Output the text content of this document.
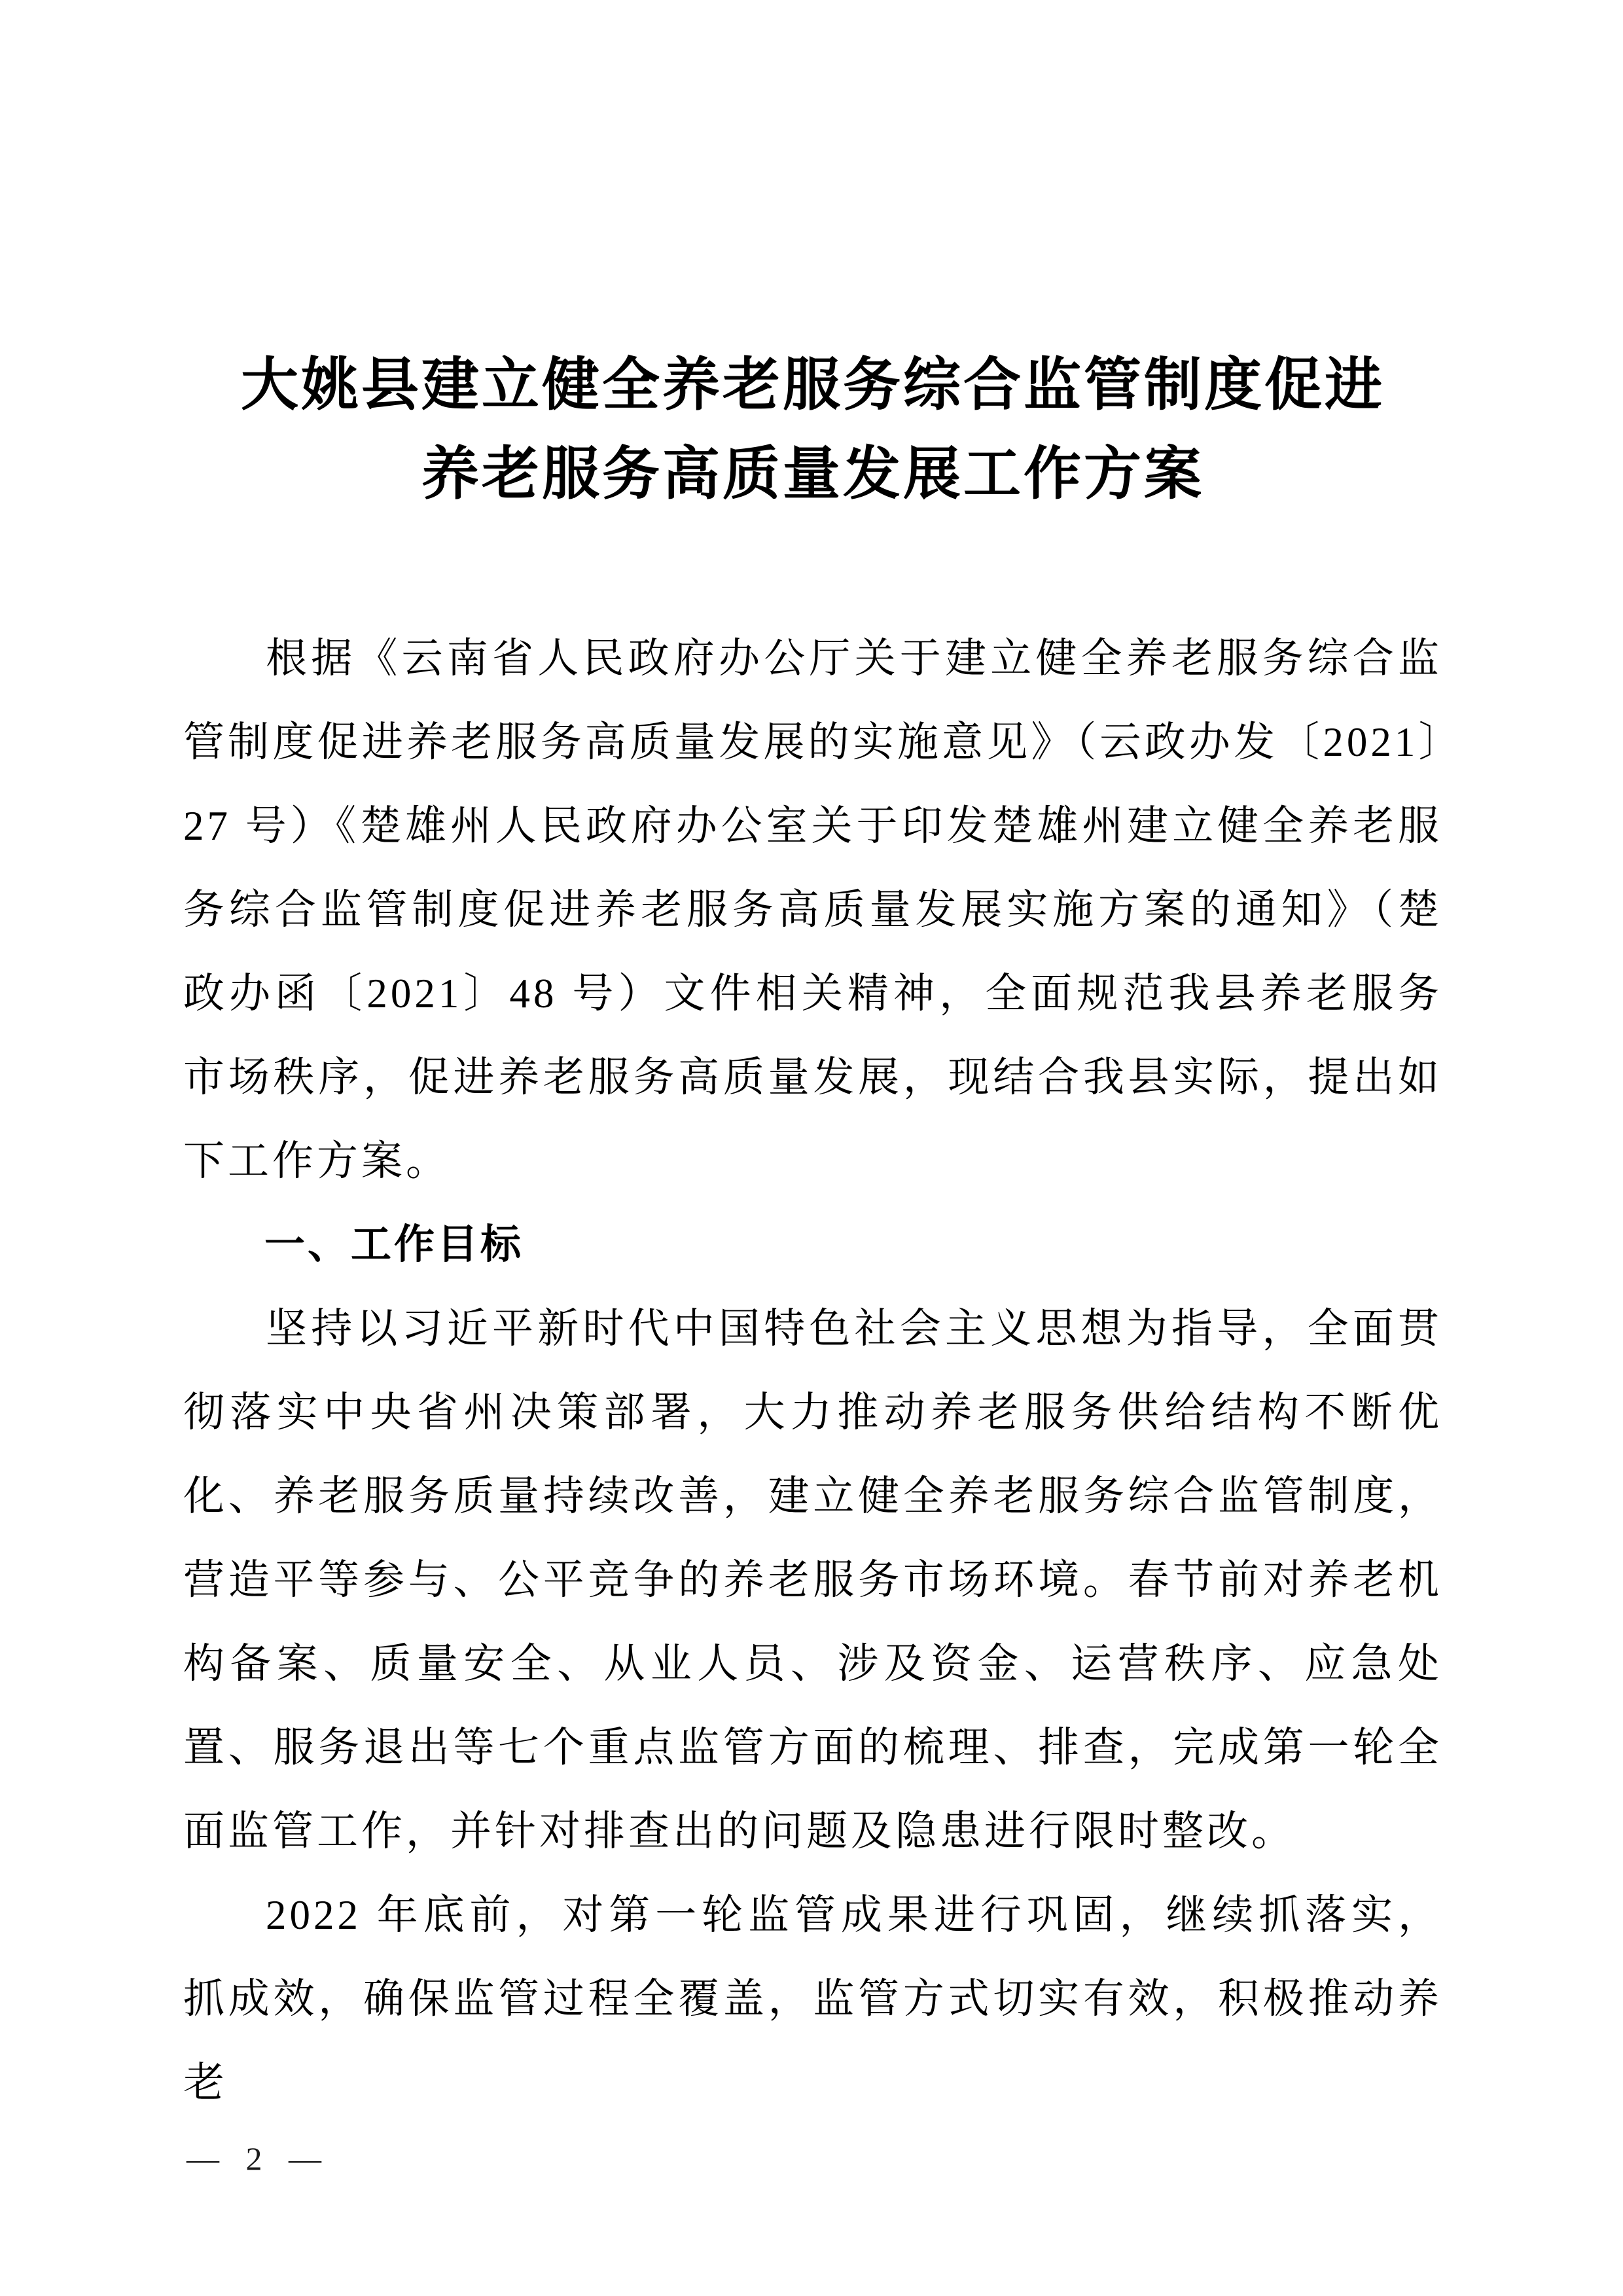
大姚县建立健全养老服务综合监管制度促进
养老服务高质量发展工作方案

根据《云南省人民政府办公厅关于建立健全养老服务综合监管制度促进养老服务高质量发展的实施意见》（云政办发〔2021〕27 号）《楚雄州人民政府办公室关于印发楚雄州建立健全养老服务综合监管制度促进养老服务高质量发展实施方案的通知》（楚政办函〔2021〕48 号）文件相关精神，全面规范我县养老服务市场秩序，促进养老服务高质量发展，现结合我县实际，提出如下工作方案。

一、工作目标

坚持以习近平新时代中国特色社会主义思想为指导，全面贯彻落实中央省州决策部署，大力推动养老服务供给结构不断优化、养老服务质量持续改善，建立健全养老服务综合监管制度，营造平等参与、公平竞争的养老服务市场环境。春节前对养老机构备案、质量安全、从业人员、涉及资金、运营秩序、应急处置、服务退出等七个重点监管方面的梳理、排查，完成第一轮全面监管工作，并针对排查出的问题及隐患进行限时整改。

2022 年底前，对第一轮监管成果进行巩固，继续抓落实，抓成效，确保监管过程全覆盖，监管方式切实有效，积极推动养老

— 2 —
